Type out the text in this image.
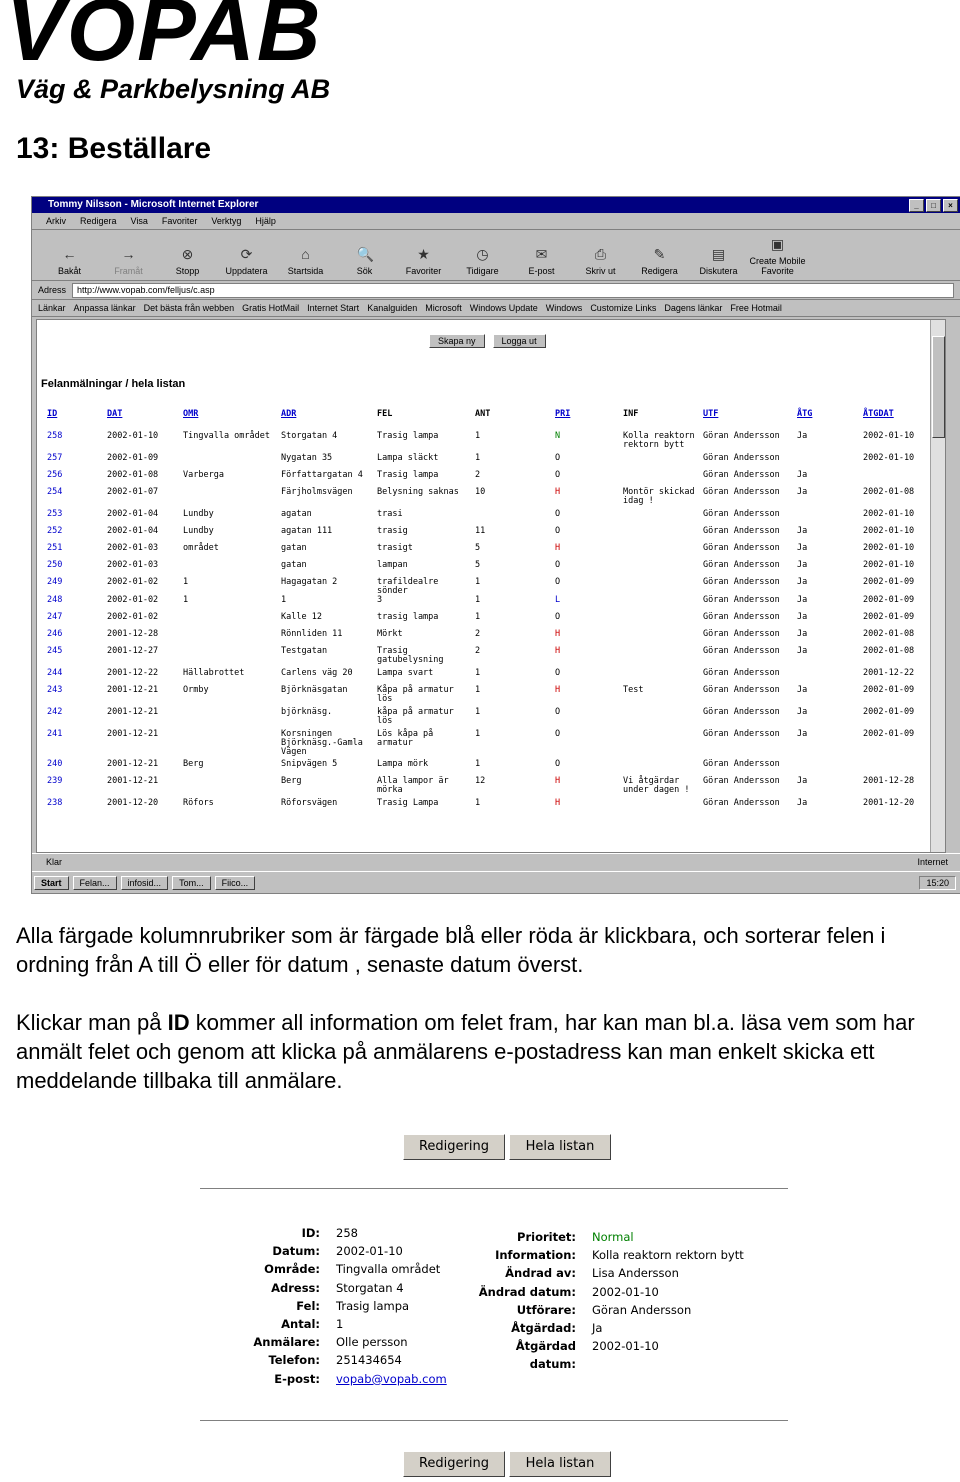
VOPAB
Väg & Parkbelysning AB
13: Beställare
Tommy Nilsson - Microsoft Internet Explorer	_	□	×
Arkiv Redigera Visa Favoriter Verktyg Hjälp
←
Bakåt
→
Framåt
⊗
Stopp
⟳
Uppdatera
⌂
Startsida
🔍
Sök
★
Favoriter
◷
Tidigare
✉
E-post
⎙
Skriv ut
✎
Redigera
▤
Diskutera
▣
Create Mobile Favorite
Adress	http://www.vopab.com/felljus/c.asp
Länkar Anpassa länkar Det bästa från webben Gratis HotMail Internet Start Kanalguiden Microsoft Windows Update Windows Customize Links Dagens länkar Free Hotmail
Skapa ny	Logga ut
Felanmälningar / hela listan
ID	DAT	OMR	ADR	FEL	ANT	PRI	INF	UTF	ÅTG	ÅTGDAT
258	2002-01-10	Tingvalla området	Storgatan 4	Trasig lampa	1	N	Kolla reaktorn rektorn bytt	Göran Andersson	Ja	2002-01-10
257	2002-01-09		Nygatan 35	Lampa släckt	1	O		Göran Andersson		2002-01-10
256	2002-01-08	Varberga	Författargatan 4	Trasig lampa	2	O		Göran Andersson	Ja	
254	2002-01-07		Färjholmsvägen	Belysning saknas	10	H	Montör skickad idag !	Göran Andersson	Ja	2002-01-08
253	2002-01-04	Lundby	agatan	trasi		O		Göran Andersson		2002-01-10
252	2002-01-04	Lundby	agatan 111	trasig	11	O		Göran Andersson	Ja	2002-01-10
251	2002-01-03	området	gatan	trasigt	5	H		Göran Andersson	Ja	2002-01-10
250	2002-01-03		gatan	lampan	5	O		Göran Andersson	Ja	2002-01-10
249	2002-01-02	1	Hagagatan 2	trafildealre sönder	1	O		Göran Andersson	Ja	2002-01-09
248	2002-01-02	1	1	3	1	L		Göran Andersson	Ja	2002-01-09
247	2002-01-02		Kalle 12	trasig lampa	1	O		Göran Andersson	Ja	2002-01-09
246	2001-12-28		Rönnliden 11	Mörkt	2	H		Göran Andersson	Ja	2002-01-08
245	2001-12-27		Testgatan	Trasig gatubelysning	2	H		Göran Andersson	Ja	2002-01-08
244	2001-12-22	Hällabrottet	Carlens väg 20	Lampa svart	1	O		Göran Andersson		2001-12-22
243	2001-12-21	Ormby	Björknäsgatan	Kåpa på armatur lös	1	H	Test	Göran Andersson	Ja	2002-01-09
242	2001-12-21		björknäsg.	kåpa på armatur lös	1	O		Göran Andersson	Ja	2002-01-09
241	2001-12-21		Korsningen Björknäsg.-Gamla Vägen	Lös kåpa på armatur	1	O		Göran Andersson	Ja	2002-01-09
240	2001-12-21	Berg	Snipvägen 5	Lampa mörk	1	O		Göran Andersson		
239	2001-12-21		Berg	Alla lampor är mörka	12	H	Vi åtgärdar under dagen !	Göran Andersson	Ja	2001-12-28
238	2001-12-20	Röfors	Röforsvägen	Trasig Lampa	1	H		Göran Andersson	Ja	2001-12-20
Klar	Internet
Start	Felan...	infosid...	Tom...	Fiico...	15:20
Alla färgade kolumnrubriker som är färgade blå eller röda är klickbara, och sorterar felen i ordning från A till Ö eller för datum , senaste datum överst.
Klickar man på ID kommer all information om felet fram, har kan man bl.a. läsa vem som har anmält felet och genom att klicka på anmälarens e-postadress kan man enkelt skicka ett meddelande tillbaka till anmälare.
Redigering	Hela listan
ID:	258
Datum:	2002-01-10
Område:	Tingvalla området
Adress:	Storgatan 4
Fel:	Trasig lampa
Antal:	1
Anmälare:	Olle persson
Telefon:	251434654
E-post:	vopab@vopab.com
Prioritet:	Normal
Information:	Kolla reaktorn rektorn bytt
Ändrad av:	Lisa Andersson
Ändrad datum:	2002-01-10
Utförare:	Göran Andersson
Åtgärdad:	Ja
Åtgärdad datum:
2002-01-10
Redigering	Hela listan
